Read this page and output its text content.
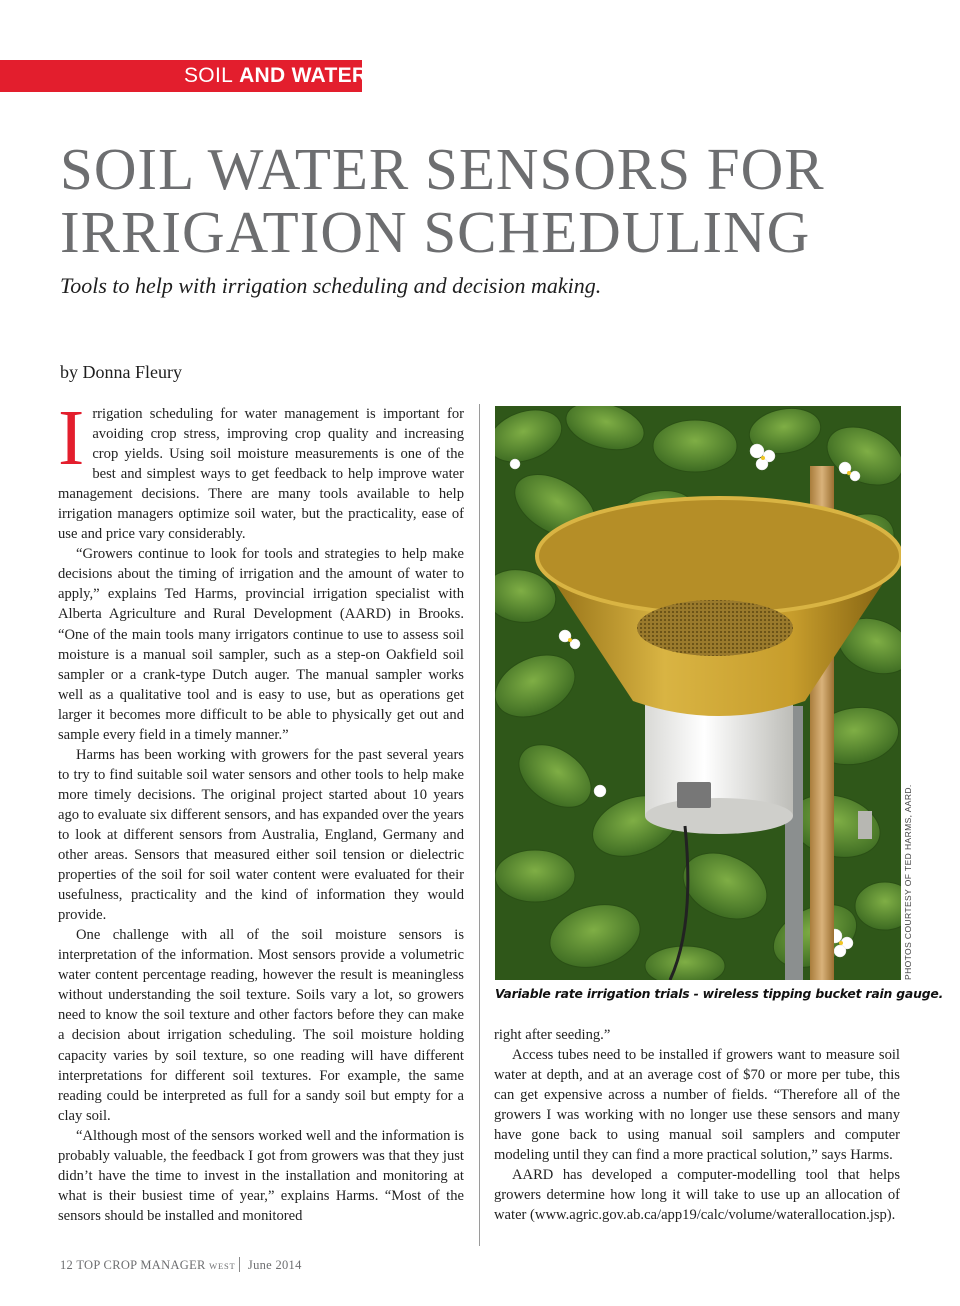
SOIL AND WATER
SOIL WATER SENSORS FOR
IRRIGATION SCHEDULING

Tools to help with irrigation scheduling and decision making.

by Donna Fleury

Irrigation scheduling for water management is important for avoiding crop stress, improving crop quality and increasing crop yields. Using soil moisture measurements is one of the best and simplest ways to get feedback to help improve water management decisions. There are many tools available to help irrigation managers optimize soil water, but the practicality, ease of use and price vary considerably.

“Growers continue to look for tools and strategies to help make decisions about the timing of irrigation and the amount of water to apply,” explains Ted Harms, provincial irrigation specialist with Alberta Agriculture and Rural Development (AARD) in Brooks. “One of the main tools many irrigators continue to use to assess soil moisture is a manual soil sampler, such as a step-on Oakfield soil sampler or a crank-type Dutch auger. The manual sampler works well as a qualitative tool and is easy to use, but as operations get larger it becomes more difficult to be able to physically get out and sample every field in a timely manner.”

Harms has been working with growers for the past several years to try to find suitable soil water sensors and other tools to help make more timely decisions. The original project started about 10 years ago to evaluate six different sensors, and has expanded over the years to look at different sensors from Australia, England, Germany and other areas. Sensors that measured either soil tension or dielectric properties of the soil for soil water content were evaluated for their usefulness, practicality and the kind of information they would provide.

One challenge with all of the soil moisture sensors is interpretation of the information. Most sensors provide a volumetric water content percentage reading, however the result is meaningless without understanding the soil texture. Soils vary a lot, so growers need to know the soil texture and other factors before they can make a decision about irrigation scheduling. The soil moisture holding capacity varies by soil texture, so one reading will have different interpretations for different soil textures. For example, the same reading could be interpreted as full for a sandy soil but empty for a clay soil.

“Although most of the sensors worked well and the information is probably valuable, the feedback I got from growers was that they just didn’t have the time to invest in the installation and monitoring at what is their busiest time of year,” explains Harms. “Most of the sensors should be installed and monitored

PHOTOS COURTESY OF TED HARMS, AARD.

Variable rate irrigation trials - wireless tipping bucket rain gauge.

right after seeding.”

Access tubes need to be installed if growers want to measure soil water at depth, and at an average cost of $70 or more per tube, this can get expensive across a number of fields. “Therefore all of the growers I was working with no longer use these sensors and many have gone back to using manual soil samplers and computer modeling until they can find a more practical solution,” says Harms.

AARD has developed a computer-modelling tool that helps growers determine how long it will take to use up an allocation of water (www.agric.gov.ab.ca/app19/calc/volume/waterallocation.jsp).

12 TOP CROP MANAGER WEST June 2014
